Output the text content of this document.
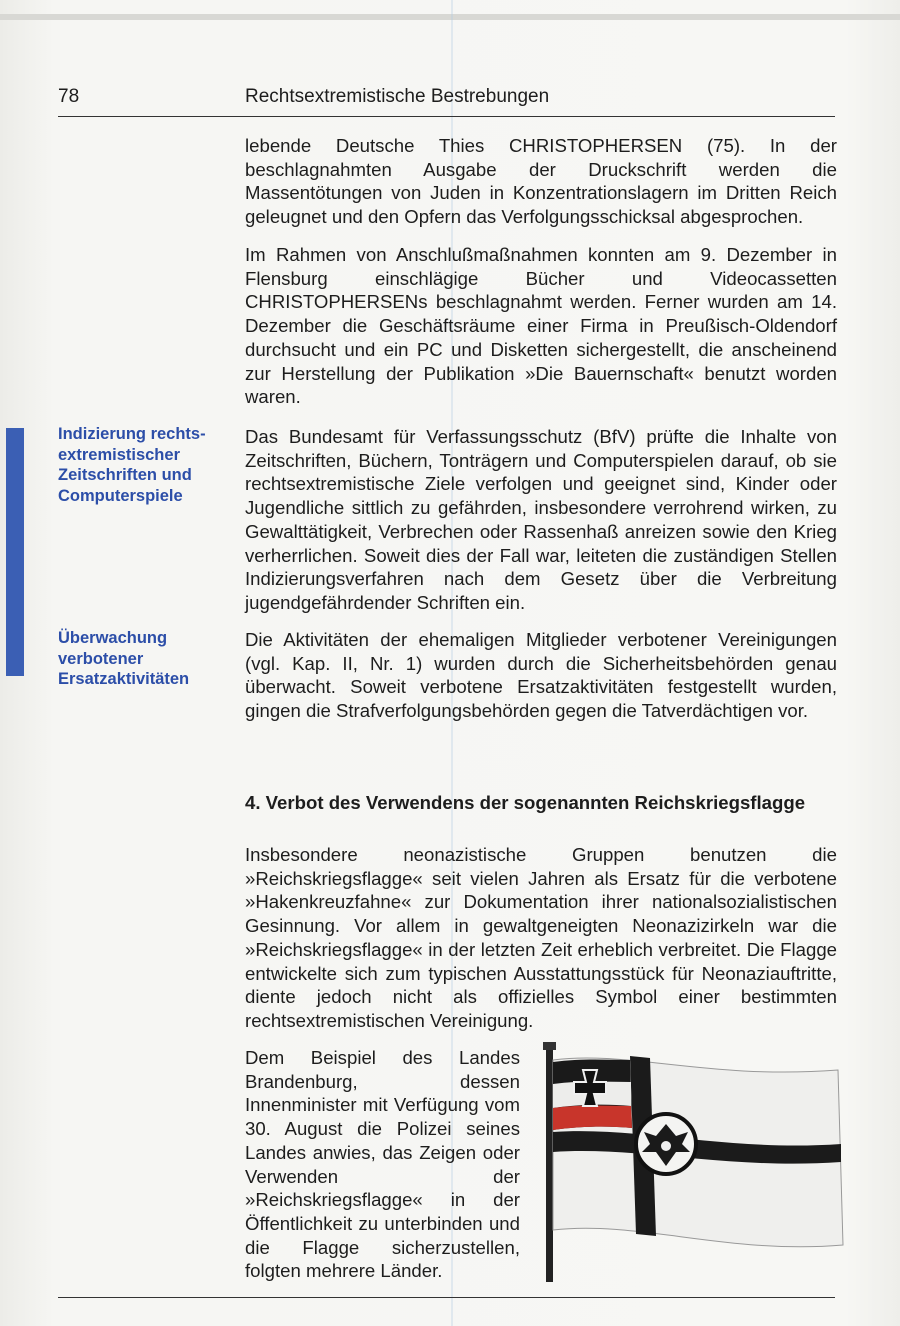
78	Rechtsextremistische Bestrebungen
Indizierung rechts-extremistischer Zeitschriften und Computerspiele
Überwachung verbotener Ersatzaktivitäten
lebende Deutsche Thies CHRISTOPHERSEN (75). In der beschlagnahmten Ausgabe der Druckschrift werden die Massentötungen von Juden in Konzentrationslagern im Dritten Reich geleugnet und den Opfern das Verfolgungsschicksal abgesprochen.
Im Rahmen von Anschlußmaßnahmen konnten am 9. Dezember in Flensburg einschlägige Bücher und Videocassetten CHRISTOPHERSENs beschlagnahmt werden. Ferner wurden am 14. Dezember die Geschäftsräume einer Firma in Preußisch-Oldendorf durchsucht und ein PC und Disketten sichergestellt, die anscheinend zur Herstellung der Publikation »Die Bauernschaft« benutzt worden waren.
Das Bundesamt für Verfassungsschutz (BfV) prüfte die Inhalte von Zeitschriften, Büchern, Tonträgern und Computerspielen darauf, ob sie rechtsextremistische Ziele verfolgen und geeignet sind, Kinder oder Jugendliche sittlich zu gefährden, insbesondere verrohrend wirken, zu Gewalttätigkeit, Verbrechen oder Rassenhaß anreizen sowie den Krieg verherrlichen. Soweit dies der Fall war, leiteten die zuständigen Stellen Indizierungsverfahren nach dem Gesetz über die Verbreitung jugendgefährdender Schriften ein.
Die Aktivitäten der ehemaligen Mitglieder verbotener Vereinigungen (vgl. Kap. II, Nr. 1) wurden durch die Sicherheitsbehörden genau überwacht. Soweit verbotene Ersatzaktivitäten festgestellt wurden, gingen die Strafverfolgungsbehörden gegen die Tatverdächtigen vor.
4. Verbot des Verwendens der sogenannten Reichskriegsflagge
Insbesondere neonazistische Gruppen benutzen die »Reichskriegsflagge« seit vielen Jahren als Ersatz für die verbotene »Hakenkreuzfahne« zur Dokumentation ihrer nationalsozialistischen Gesinnung. Vor allem in gewaltgeneigten Neonazizirkeln war die »Reichskriegsflagge« in der letzten Zeit erheblich verbreitet. Die Flagge entwickelte sich zum typischen Ausstattungsstück für Neonaziauftritte, diente jedoch nicht als offizielles Symbol einer bestimmten rechtsextremistischen Vereinigung.
Dem Beispiel des Landes Brandenburg, dessen Innenminister mit Verfügung vom 30. August die Polizei seines Landes anwies, das Zeigen oder Verwenden der »Reichskriegsflagge« in der Öffentlichkeit zu unterbinden und die Flagge sicherzustellen, folgten mehrere Länder.
